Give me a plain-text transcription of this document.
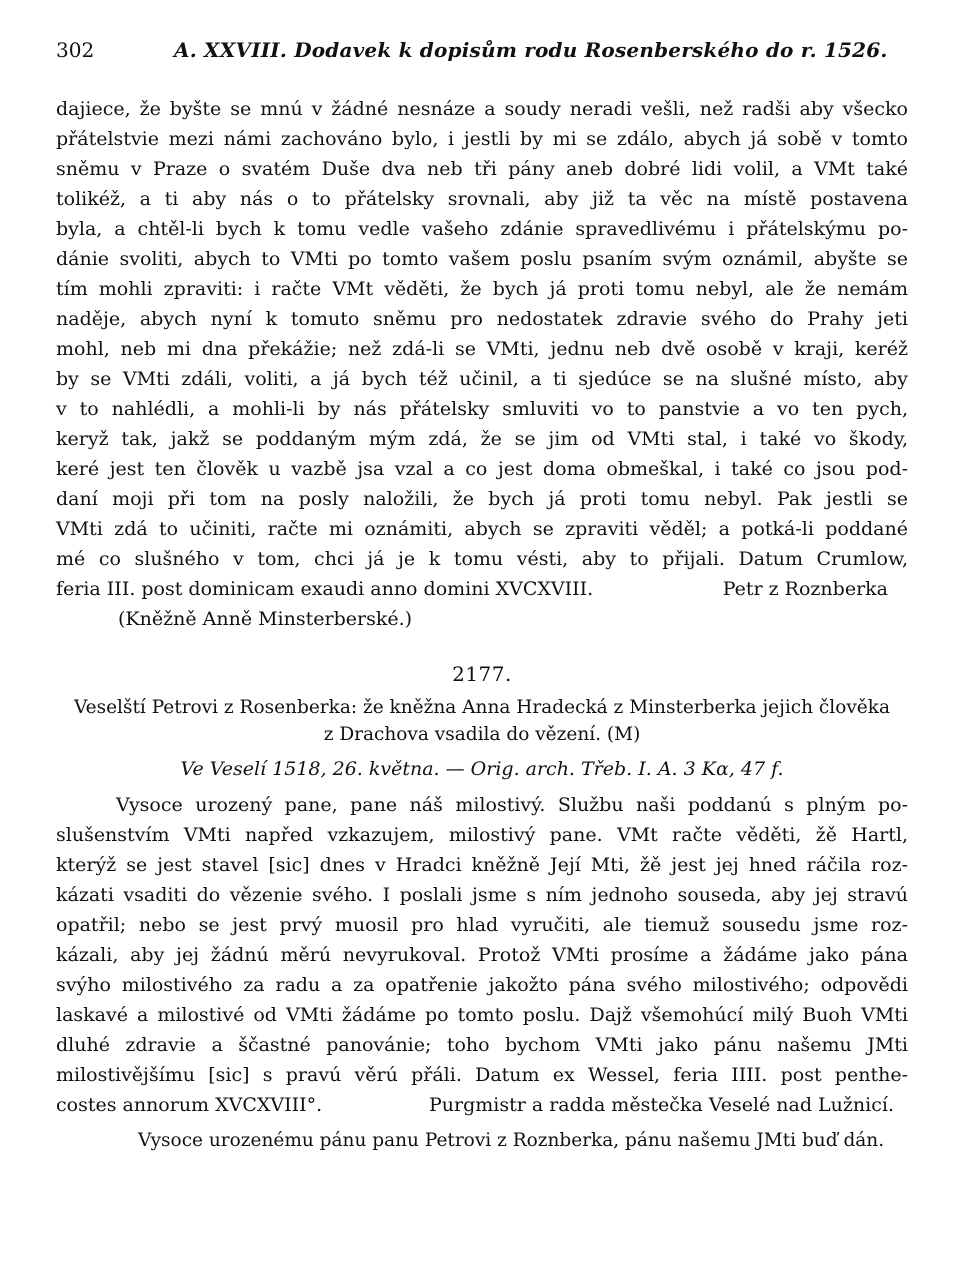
302	A. XXVIII. Dodavek k dopisům rodu Rosenberského do r. 1526.
dajiece, že byšte se mnú v žádné nesnáze a soudy neradi vešli, než radši aby všecko
přátelstvie mezi námi zachováno bylo, i jestli by mi se zdálo, abych já sobě v tomto
sněmu v Praze o svatém Duše dva neb tři pány aneb dobré lidi volil, a VMt také
tolikéž, a ti aby nás o to přátelsky srovnali, aby již ta věc na místě postavena
byla, a chtěl-li bych k tomu vedle vašeho zdánie spravedlivému i přátelskýmu po-
dánie svoliti, abych to VMti po tomto vašem poslu psaním svým oznámil, abyšte se
tím mohli zpraviti: i račte VMt věděti, že bych já proti tomu nebyl, ale že nemám
naděje, abych nyní k tomuto sněmu pro nedostatek zdravie svého do Prahy jeti
mohl, neb mi dna překážie; než zdá-li se VMti, jednu neb dvě osobě v kraji, keréž
by se VMti zdáli, voliti, a já bych též učinil, a ti sjedúce se na slušné místo, aby
v to nahlédli, a mohli-li by nás přátelsky smluviti vo to panstvie a vo ten pych,
keryž tak, jakž se poddaným mým zdá, že se jim od VMti stal, i také vo škody,
keré jest ten člověk u vazbě jsa vzal a co jest doma obmeškal, i také co jsou pod-
daní moji při tom na posly naložili, že bych já proti tomu nebyl. Pak jestli se
VMti zdá to učiniti, račte mi oznámiti, abych se zpraviti věděl; a potká-li poddané
mé co slušného v tom, chci já je k tomu vésti, aby to přijali. Datum Crumlow,
feria III. post dominicam exaudi anno domini XVCXVIII.	Petr z Roznberka
(Kněžně Anně Minsterberské.)
2177.
Veselští Petrovi z Rosenberka: že kněžna Anna Hradecká z Minsterberka jejich člověka
z Drachova vsadila do vězení. (M)
Ve Veselí 1518, 26. května. — Orig. arch. Třeb. I. A. 3 Kα, 47 f.
Vysoce urozený pane, pane náš milostivý. Službu naši poddanú s plným po-
slušenstvím VMti napřed vzkazujem, milostivý pane. VMt račte věděti, žě Hartl,
kterýž se jest stavel [sic] dnes v Hradci kněžně Její Mti, žě jest jej hned ráčila roz-
kázati vsaditi do vězenie svého. I poslali jsme s ním jednoho souseda, aby jej stravú
opatřil; nebo se jest prvý muosil pro hlad vyručiti, ale tiemuž sousedu jsme roz-
kázali, aby jej žádnú měrú nevyrukoval. Protož VMti prosíme a žádáme jako pána
svýho milostivého za radu a za opatřenie jakožto pána svého milostivého; odpovědi
laskavé a milostivé od VMti žádáme po tomto poslu. Dajž všemohúcí milý Buoh VMti
dluhé zdravie a ščastné panovánie; toho bychom VMti jako pánu našemu JMti
milostivějšímu [sic] s pravú věrú přáli. Datum ex Wessel, feria IIII. post penthe-
costes annorum XVCXVIII°.	Purgmistr a radda městečka Veselé nad Lužnicí.
Vysoce urozenému pánu panu Petrovi z Roznberka, pánu našemu JMti buď dán.
